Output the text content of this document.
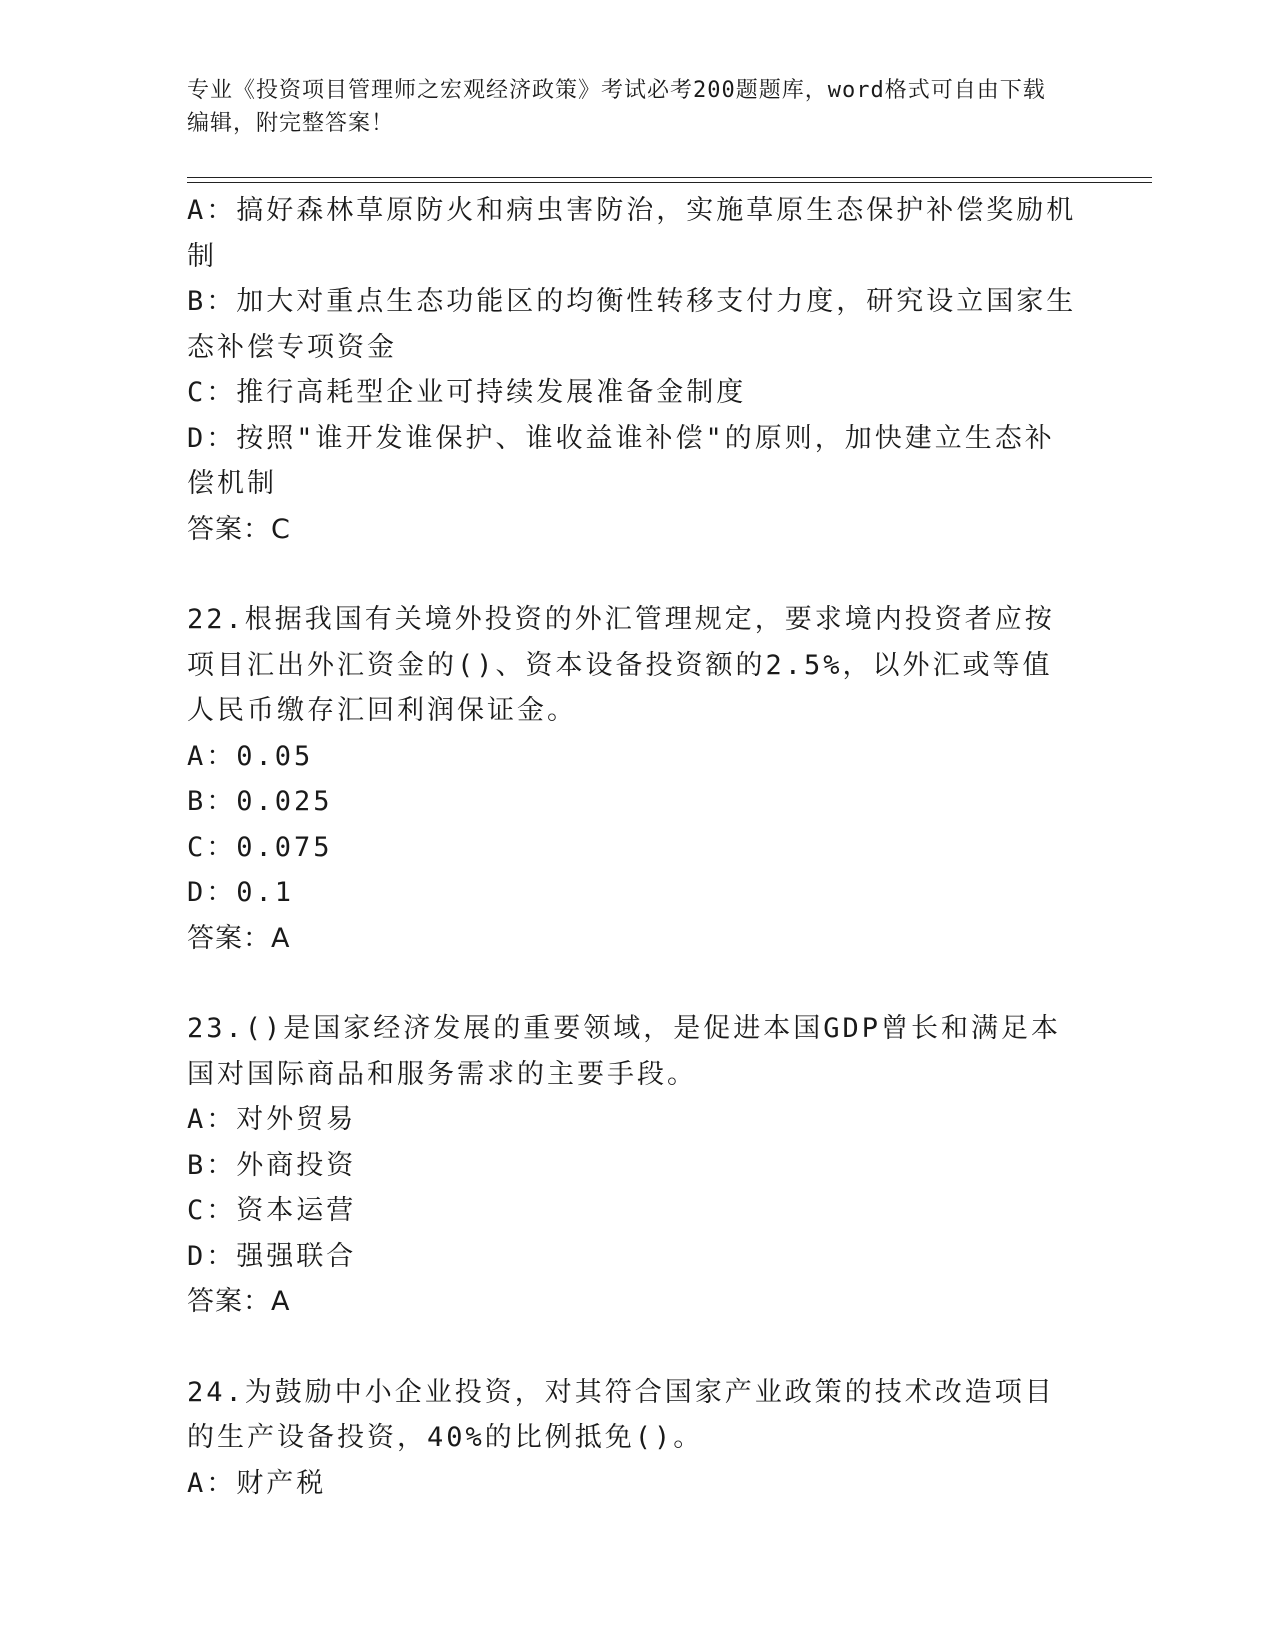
专业《投资项目管理师之宏观经济政策》考试必考200题题库，word格式可自由下载编辑，附完整答案！

A：搞好森林草原防火和病虫害防治，实施草原生态保护补偿奖励机制

B：加大对重点生态功能区的均衡性转移支付力度，研究设立国家生态补偿专项资金

C：推行高耗型企业可持续发展准备金制度

D：按照"谁开发谁保护、谁收益谁补偿"的原则，加快建立生态补偿机制

答案：C

22.根据我国有关境外投资的外汇管理规定，要求境内投资者应按项目汇出外汇资金的()、资本设备投资额的2.5%，以外汇或等值人民币缴存汇回利润保证金。

A：0.05

B：0.025

C：0.075

D：0.1

答案：A

23.()是国家经济发展的重要领域，是促进本国GDP曾长和满足本国对国际商品和服务需求的主要手段。

A：对外贸易

B：外商投资

C：资本运营

D：强强联合

答案：A

24.为鼓励中小企业投资，对其符合国家产业政策的技术改造项目的生产设备投资，40%的比例抵免()。

A：财产税
